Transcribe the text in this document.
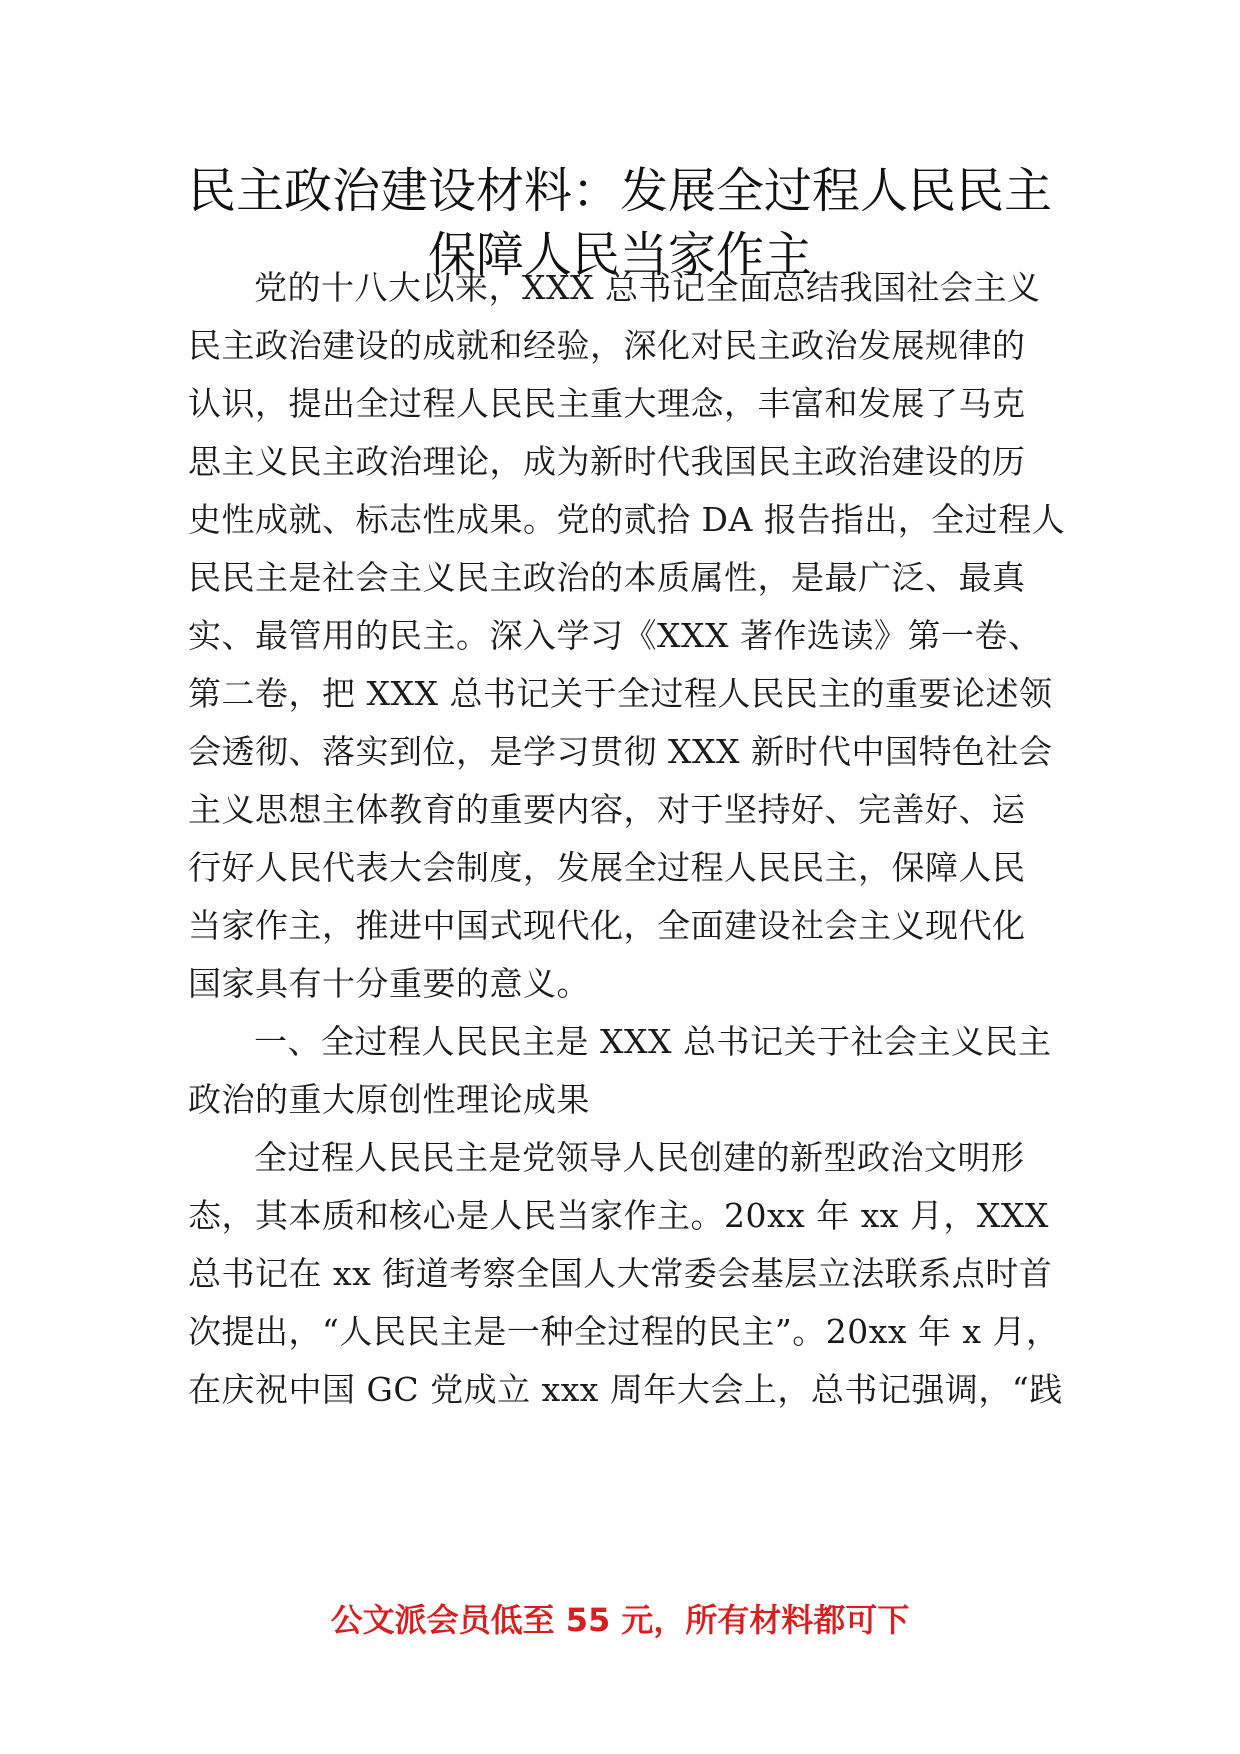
民主政治建设材料：发展全过程人民民主
保障人民当家作主
党的十八大以来，XXX 总书记全面总结我国社会主义
民主政治建设的成就和经验，深化对民主政治发展规律的
认识，提出全过程人民民主重大理念，丰富和发展了马克
思主义民主政治理论，成为新时代我国民主政治建设的历
史性成就、标志性成果。党的贰拾 DA 报告指出，全过程人
民民主是社会主义民主政治的本质属性，是最广泛、最真
实、最管用的民主。深入学习《XXX 著作选读》第一卷、
第二卷，把 XXX 总书记关于全过程人民民主的重要论述领
会透彻、落实到位，是学习贯彻 XXX 新时代中国特色社会
主义思想主体教育的重要内容，对于坚持好、完善好、运
行好人民代表大会制度，发展全过程人民民主，保障人民
当家作主，推进中国式现代化，全面建设社会主义现代化
国家具有十分重要的意义。
一、全过程人民民主是 XXX 总书记关于社会主义民主
政治的重大原创性理论成果
全过程人民民主是党领导人民创建的新型政治文明形
态，其本质和核心是人民当家作主。20xx 年 xx 月，XXX
总书记在 xx 街道考察全国人大常委会基层立法联系点时首
次提出，“人民民主是一种全过程的民主”。20xx 年 x 月，
在庆祝中国 GC 党成立 xxx 周年大会上，总书记强调，“践
公文派会员低至 55 元，所有材料都可下
